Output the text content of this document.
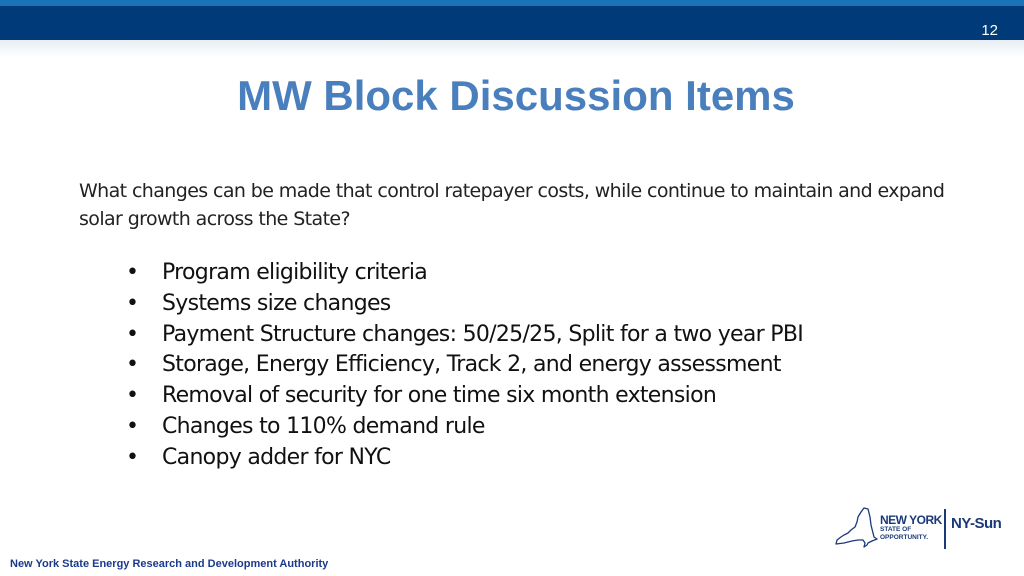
12
MW Block Discussion Items
What changes can be made that control ratepayer costs, while continue to maintain and expand solar growth across the State?
• Program eligibility criteria
• Systems size changes
• Payment Structure changes: 50/25/25, Split for a two year PBI
• Storage, Energy Efficiency, Track 2, and energy assessment
• Removal of security for one time six month extension
• Changes to 110% demand rule
• Canopy adder for NYC
New York State Energy Research and Development Authority
NEW YORK
STATE OF
OPPORTUNITY.
NY-Sun
